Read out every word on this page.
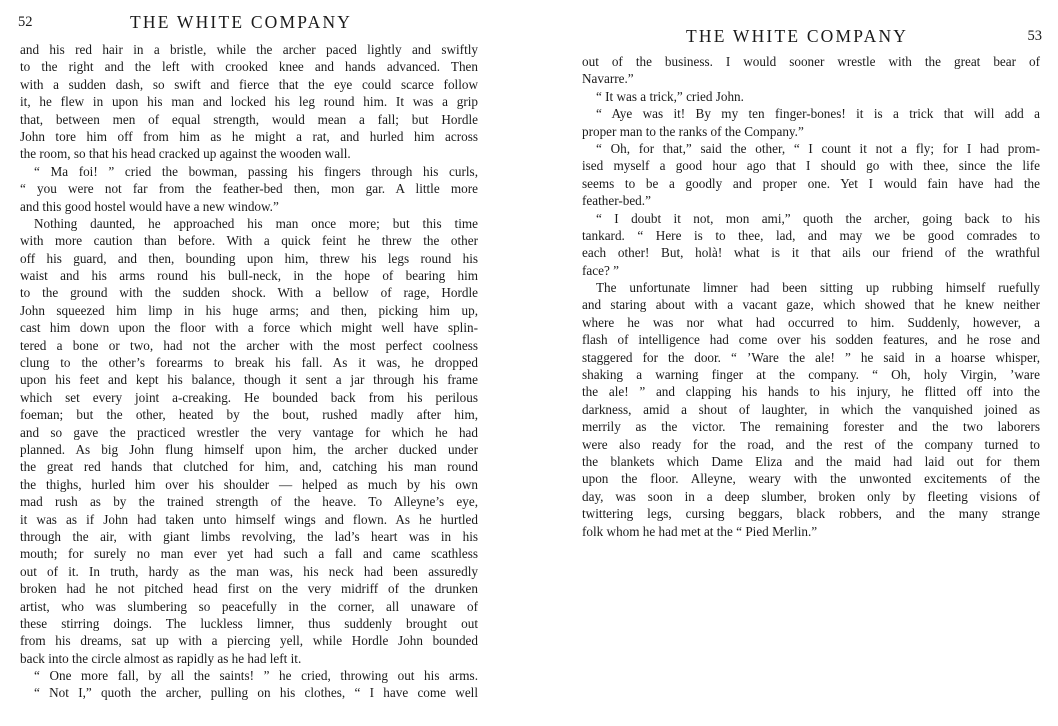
52	THE WHITE COMPANY
and his red hair in a bristle, while the archer paced lightly and swiftly
to the right and the left with crooked knee and hands advanced. Then
with a sudden dash, so swift and fierce that the eye could scarce follow
it, he flew in upon his man and locked his leg round him. It was a grip
that, between men of equal strength, would mean a fall; but Hordle
John tore him off from him as he might a rat, and hurled him across
the room, so that his head cracked up against the wooden wall.
“ Ma foi! ” cried the bowman, passing his fingers through his curls,
“ you were not far from the feather-bed then, mon gar. A little more
and this good hostel would have a new window.”
Nothing daunted, he approached his man once more; but this time
with more caution than before. With a quick feint he threw the other
off his guard, and then, bounding upon him, threw his legs round his
waist and his arms round his bull-neck, in the hope of bearing him
to the ground with the sudden shock. With a bellow of rage, Hordle
John squeezed him limp in his huge arms; and then, picking him up,
cast him down upon the floor with a force which might well have splin-
tered a bone or two, had not the archer with the most perfect coolness
clung to the other’s forearms to break his fall. As it was, he dropped
upon his feet and kept his balance, though it sent a jar through his frame
which set every joint a-creaking. He bounded back from his perilous
foeman; but the other, heated by the bout, rushed madly after him,
and so gave the practiced wrestler the very vantage for which he had
planned. As big John flung himself upon him, the archer ducked under
the great red hands that clutched for him, and, catching his man round
the thighs, hurled him over his shoulder — helped as much by his own
mad rush as by the trained strength of the heave. To Alleyne’s eye,
it was as if John had taken unto himself wings and flown. As he hurtled
through the air, with giant limbs revolving, the lad’s heart was in his
mouth; for surely no man ever yet had such a fall and came scathless
out of it. In truth, hardy as the man was, his neck had been assuredly
broken had he not pitched head first on the very midriff of the drunken
artist, who was slumbering so peacefully in the corner, all unaware of
these stirring doings. The luckless limner, thus suddenly brought out
from his dreams, sat up with a piercing yell, while Hordle John bounded
back into the circle almost as rapidly as he had left it.
“ One more fall, by all the saints! ” he cried, throwing out his arms.
“ Not I,” quoth the archer, pulling on his clothes, “ I have come well
THE WHITE COMPANY	53
out of the business. I would sooner wrestle with the great bear of
Navarre.”
“ It was a trick,” cried John.
“ Aye was it! By my ten finger-bones! it is a trick that will add a
proper man to the ranks of the Company.”
“ Oh, for that,” said the other, “ I count it not a fly; for I had prom-
ised myself a good hour ago that I should go with thee, since the life
seems to be a goodly and proper one. Yet I would fain have had the
feather-bed.”
“ I doubt it not, mon ami,” quoth the archer, going back to his
tankard. “ Here is to thee, lad, and may we be good comrades to
each other! But, holà! what is it that ails our friend of the wrathful
face? ”
The unfortunate limner had been sitting up rubbing himself ruefully
and staring about with a vacant gaze, which showed that he knew neither
where he was nor what had occurred to him. Suddenly, however, a
flash of intelligence had come over his sodden features, and he rose and
staggered for the door. “ ’Ware the ale! ” he said in a hoarse whisper,
shaking a warning finger at the company. “ Oh, holy Virgin, ’ware
the ale! ” and clapping his hands to his injury, he flitted off into the
darkness, amid a shout of laughter, in which the vanquished joined as
merrily as the victor. The remaining forester and the two laborers
were also ready for the road, and the rest of the company turned to
the blankets which Dame Eliza and the maid had laid out for them
upon the floor. Alleyne, weary with the unwonted excitements of the
day, was soon in a deep slumber, broken only by fleeting visions of
twittering legs, cursing beggars, black robbers, and the many strange
folk whom he had met at the “ Pied Merlin.”
